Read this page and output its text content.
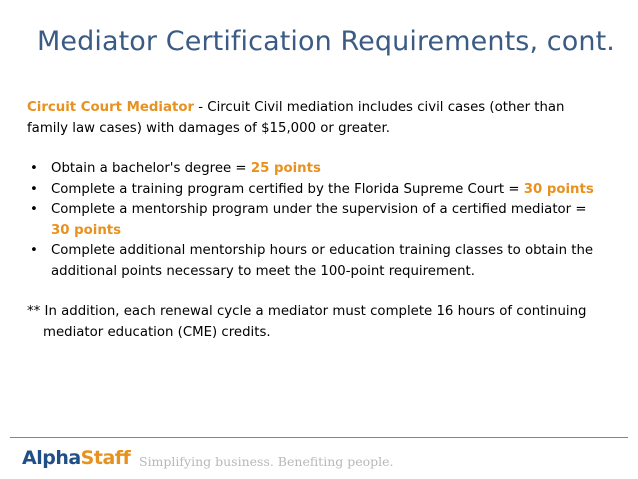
Mediator Certification Requirements, cont.

Circuit Court Mediator - Circuit Civil mediation includes civil cases (other than family law cases) with damages of $15,000 or greater.

• Obtain a bachelor's degree = 25 points
• Complete a training program certified by the Florida Supreme Court = 30 points
• Complete a mentorship program under the supervision of a certified mediator = 30 points
• Complete additional mentorship hours or education training classes to obtain the additional points necessary to meet the 100-point requirement.

** In addition, each renewal cycle a mediator must complete 16 hours of continuing mediator education (CME) credits.

AlphaStaff Simplifying business. Benefiting people.
